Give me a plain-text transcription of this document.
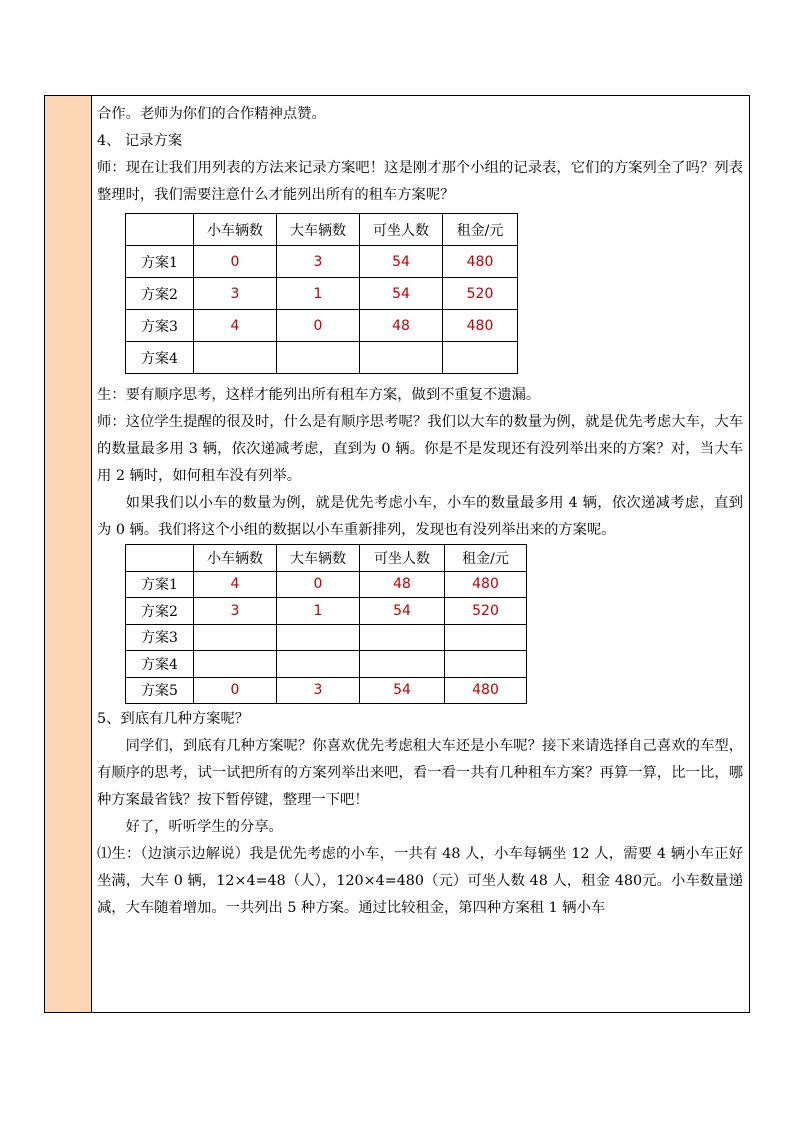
合作。老师为你们的合作精神点赞。

4、 记录方案

师：现在让我们用列表的方法来记录方案吧！这是刚才那个小组的记录表，它们的方案列全了吗？列表整理时，我们需要注意什么才能列出所有的租车方案呢？

	小车辆数	大车辆数	可坐人数	租金/元
方案1	0	3	54	480
方案2	3	1	54	520
方案3	4	0	48	480
方案4				

生：要有顺序思考，这样才能列出所有租车方案，做到不重复不遗漏。

师：这位学生提醒的很及时，什么是有顺序思考呢？我们以大车的数量为例，就是优先考虑大车，大车的数量最多用 3 辆，依次递减考虑，直到为 0 辆。你是不是发现还有没列举出来的方案？对，当大车用 2 辆时，如何租车没有列举。

如果我们以小车的数量为例，就是优先考虑小车，小车的数量最多用 4 辆，依次递减考虑，直到为 0 辆。我们将这个小组的数据以小车重新排列，发现也有没列举出来的方案呢。

	小车辆数	大车辆数	可坐人数	租金/元
方案1	4	0	48	480
方案2	3	1	54	520
方案3				
方案4				
方案5	0	3	54	480

5、到底有几种方案呢？

同学们，到底有几种方案呢？你喜欢优先考虑租大车还是小车呢？接下来请选择自己喜欢的车型，有顺序的思考，试一试把所有的方案列举出来吧，看一看一共有几种租车方案？再算一算，比一比，哪种方案最省钱？按下暂停键，整理一下吧！

好了，听听学生的分享。

⑴生：（边演示边解说）我是优先考虑的小车，一共有 48 人，小车每辆坐 12 人，需要 4 辆小车正好坐满，大车 0 辆，12×4=48（人），120×4=480（元）可坐人数 48 人，租金 480元。小车数量递减，大车随着增加。一共列出 5 种方案。通过比较租金，第四种方案租 1 辆小车
